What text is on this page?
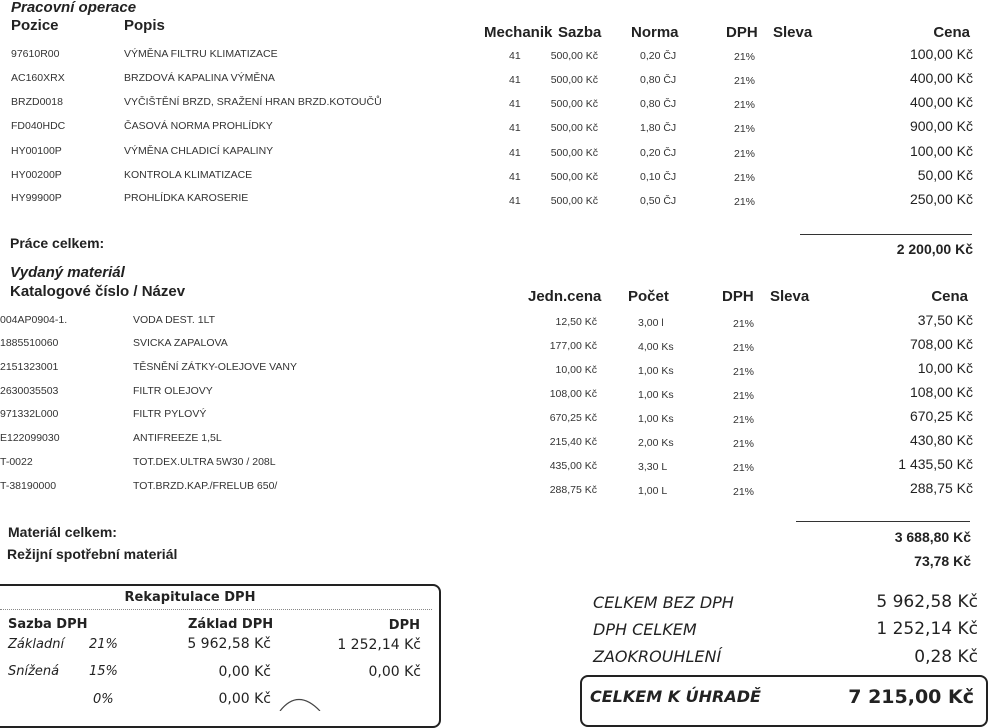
Pracovní operace
Pozice	Popis	Mechanik Sazba Norma	DPH Sleva	Cena
97610R00	VÝMĚNA FILTRU KLIMATIZACE	41	500,00 Kč	0,20 ČJ	21%	100,00 Kč
AC160XRX	BRZDOVÁ KAPALINA VÝMĚNA	41	500,00 Kč	0,80 ČJ	21%	400,00 Kč
BRZD0018	VYČIŠTĚNÍ BRZD, SRAŽENÍ HRAN BRZD.KOTOUČŮ	41	500,00 Kč	0,80 ČJ	21%	400,00 Kč
FD040HDC	ČASOVÁ NORMA PROHLÍDKY	41	500,00 Kč	1,80 ČJ	21%	900,00 Kč
HY00100P	VÝMĚNA CHLADICÍ KAPALINY	41	500,00 Kč	0,20 ČJ	21%	100,00 Kč
HY00200P	KONTROLA KLIMATIZACE	41	500,00 Kč	0,10 ČJ	21%	50,00 Kč
HY99900P	PROHLÍDKA KAROSERIE	41	500,00 Kč	0,50 ČJ	21%	250,00 Kč
Práce celkem:	2 200,00 Kč
Vydaný materiál
Katalogové číslo / Název	Jedn.cena Počet	DPH Sleva	Cena
004AP0904-1.	VODA DEST. 1LT	12,50 Kč	3,00 l	21%	37,50 Kč
1885510060	SVICKA ZAPALOVA	177,00 Kč	4,00 Ks	21%	708,00 Kč
2151323001	TĚSNĚNÍ ZÁTKY-OLEJOVE VANY	10,00 Kč	1,00 Ks	21%	10,00 Kč
2630035503	FILTR OLEJOVY	108,00 Kč	1,00 Ks	21%	108,00 Kč
971332L000	FILTR PYLOVÝ	670,25 Kč	1,00 Ks	21%	670,25 Kč
E122099030	ANTIFREEZE 1,5L	215,40 Kč	2,00 Ks	21%	430,80 Kč
T-0022	TOT.DEX.ULTRA 5W30 / 208L	435,00 Kč	3,30 L	21%	1 435,50 Kč
T-38190000	TOT.BRZD.KAP./FRELUB 650/	288,75 Kč	1,00 L	21%	288,75 Kč
Materiál celkem:	3 688,80 Kč
Režijní spotřební materiál	73,78 Kč
Rekapitulace DPH
Sazba DPH	Základ DPH	DPH
Základní 21%	5 962,58 Kč	1 252,14 Kč
Snížená 15%	0,00 Kč	0,00 Kč
0%	0,00 Kč
CELKEM BEZ DPH	5 962,58 Kč
DPH CELKEM	1 252,14 Kč
ZAOKROUHLENÍ	0,28 Kč
CELKEM K ÚHRADĚ	7 215,00 Kč
